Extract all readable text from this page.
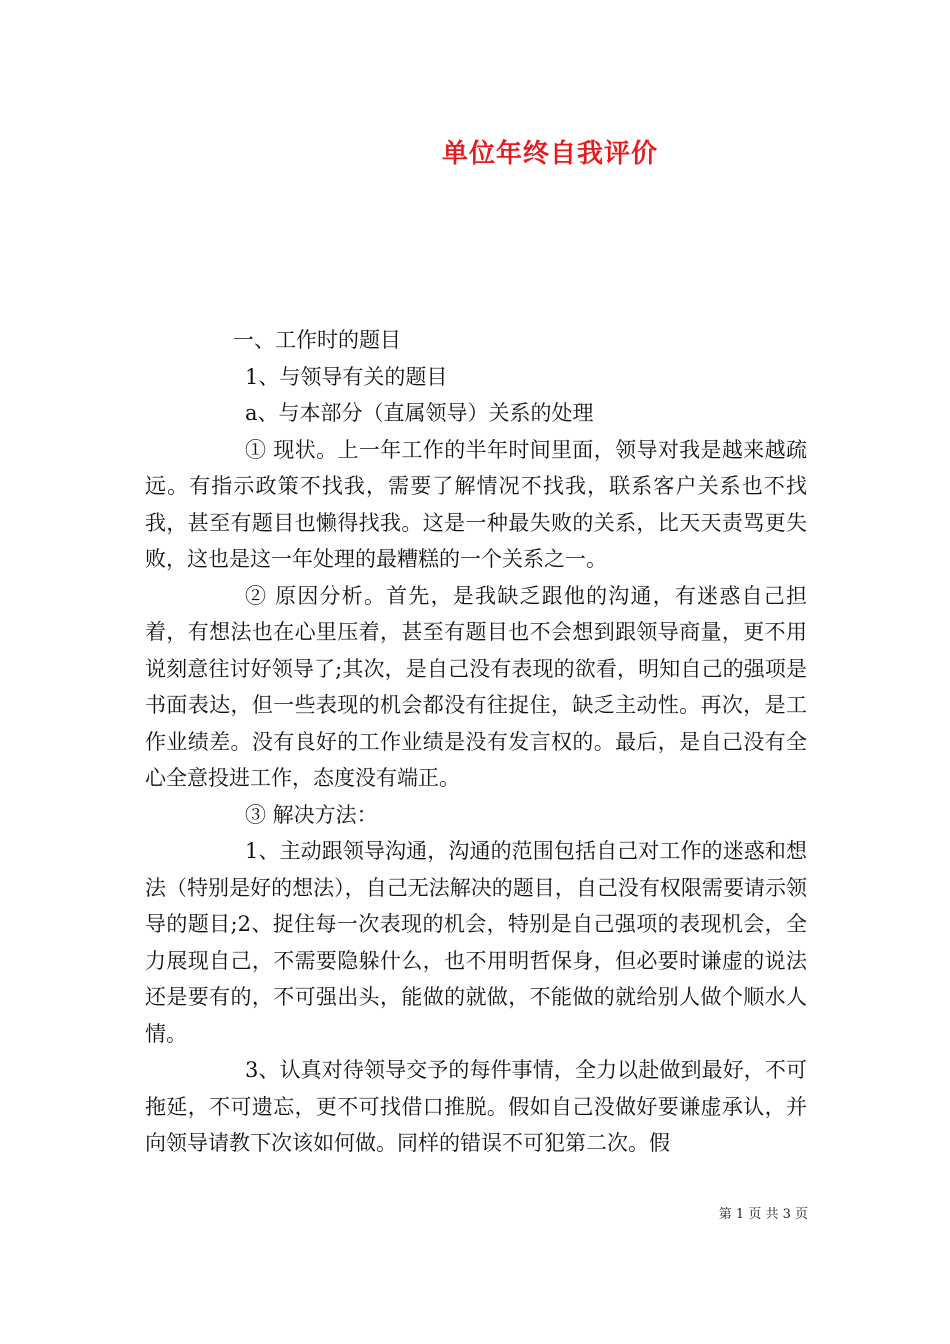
单位年终自我评价

一、工作时的题目

1、与领导有关的题目

a、与本部分（直属领导）关系的处理

① 现状。上一年工作的半年时间里面，领导对我是越来越疏远。有指示政策不找我，需要了解情况不找我，联系客户关系也不找我，甚至有题目也懒得找我。这是一种最失败的关系，比天天责骂更失败，这也是这一年处理的最糟糕的一个关系之一。

② 原因分析。首先，是我缺乏跟他的沟通，有迷惑自己担着，有想法也在心里压着，甚至有题目也不会想到跟领导商量，更不用说刻意往讨好领导了;其次，是自己没有表现的欲看，明知自己的强项是书面表达，但一些表现的机会都没有往捉住，缺乏主动性。再次，是工作业绩差。没有良好的工作业绩是没有发言权的。最后，是自己没有全心全意投进工作，态度没有端正。

③ 解决方法：

1、主动跟领导沟通，沟通的范围包括自己对工作的迷惑和想法（特别是好的想法），自己无法解决的题目，自己没有权限需要请示领导的题目;2、捉住每一次表现的机会，特别是自己强项的表现机会，全力展现自己，不需要隐躲什么，也不用明哲保身，但必要时谦虚的说法还是要有的，不可强出头，能做的就做，不能做的就给别人做个顺水人情。

3、认真对待领导交予的每件事情，全力以赴做到最好，不可拖延，不可遗忘，更不可找借口推脱。假如自己没做好要谦虚承认，并向领导请教下次该如何做。同样的错误不可犯第二次。假

第 1 页 共 3 页
